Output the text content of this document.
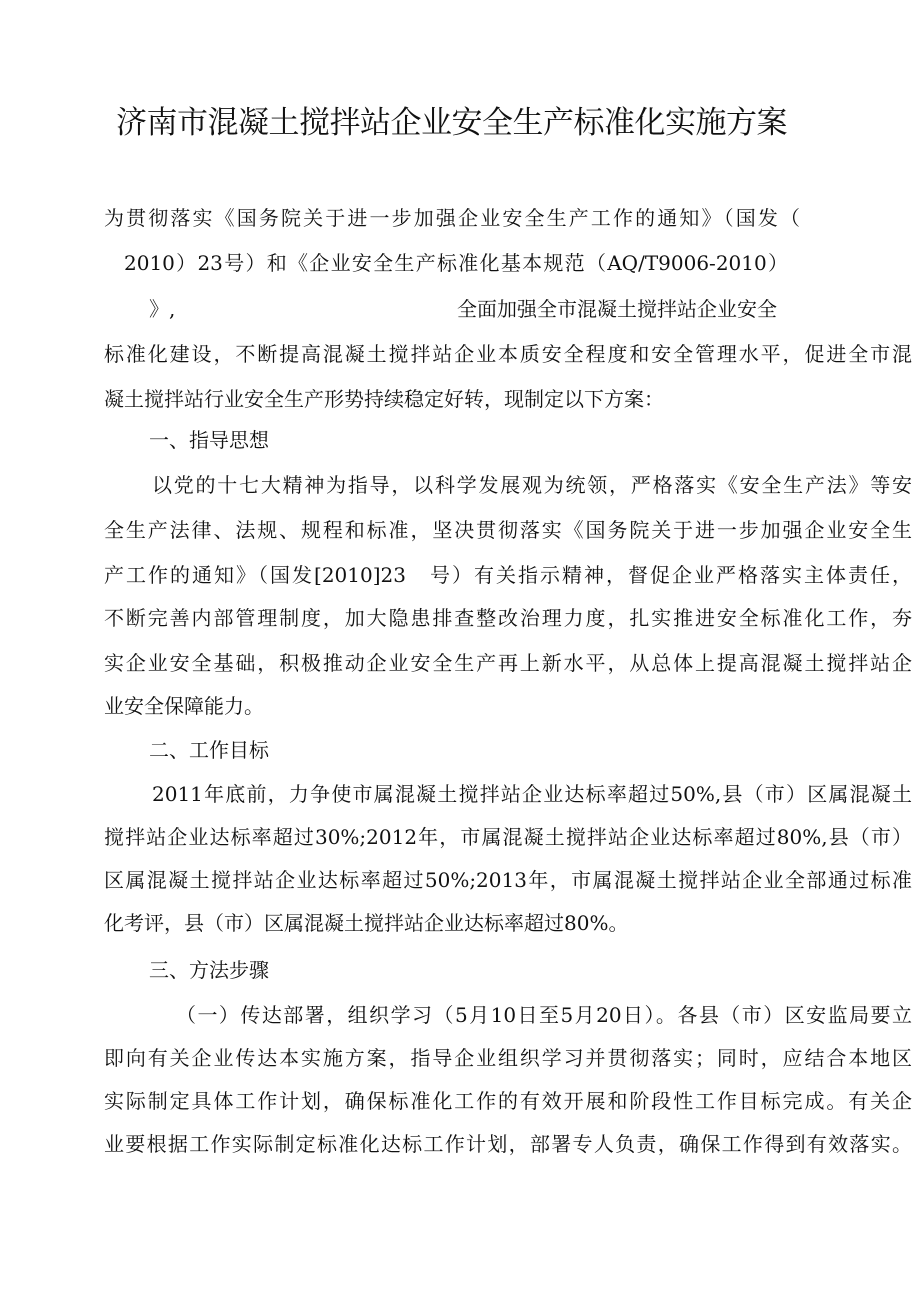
济南市混凝土搅拌站企业安全生产标准化实施方案

为贯彻落实《国务院关于进一步加强企业安全生产工作的通知》（国发（

2010）23号）和《企业安全生产标准化基本规范（AQ/T9006-2010）

》,	全面加强全市混凝土搅拌站企业安全

标准化建设，不断提高混凝土搅拌站企业本质安全程度和安全管理水平，促进全市混

凝土搅拌站行业安全生产形势持续稳定好转，现制定以下方案：

一、指导思想

以党的十七大精神为指导，以科学发展观为统领，严格落实《安全生产法》等安

全生产法律、法规、规程和标准，坚决贯彻落实《国务院关于进一步加强企业安全生

产工作的通知》（国发[2010]23　号）有关指示精神，督促企业严格落实主体责任，

不断完善内部管理制度，加大隐患排查整改治理力度，扎实推进安全标准化工作，夯

实企业安全基础，积极推动企业安全生产再上新水平，从总体上提高混凝土搅拌站企

业安全保障能力。

二、工作目标

2011年底前，力争使市属混凝土搅拌站企业达标率超过50%,县（市）区属混凝土

搅拌站企业达标率超过30%;2012年，市属混凝土搅拌站企业达标率超过80%,县（市）

区属混凝土搅拌站企业达标率超过50%;2013年，市属混凝土搅拌站企业全部通过标准

化考评，县（市）区属混凝土搅拌站企业达标率超过80%。

三、方法步骤

（一）传达部署，组织学习（5月10日至5月20日）。各县（市）区安监局要立

即向有关企业传达本实施方案，指导企业组织学习并贯彻落实；同时，应结合本地区

实际制定具体工作计划，确保标准化工作的有效开展和阶段性工作目标完成。有关企

业要根据工作实际制定标准化达标工作计划，部署专人负责，确保工作得到有效落实。
